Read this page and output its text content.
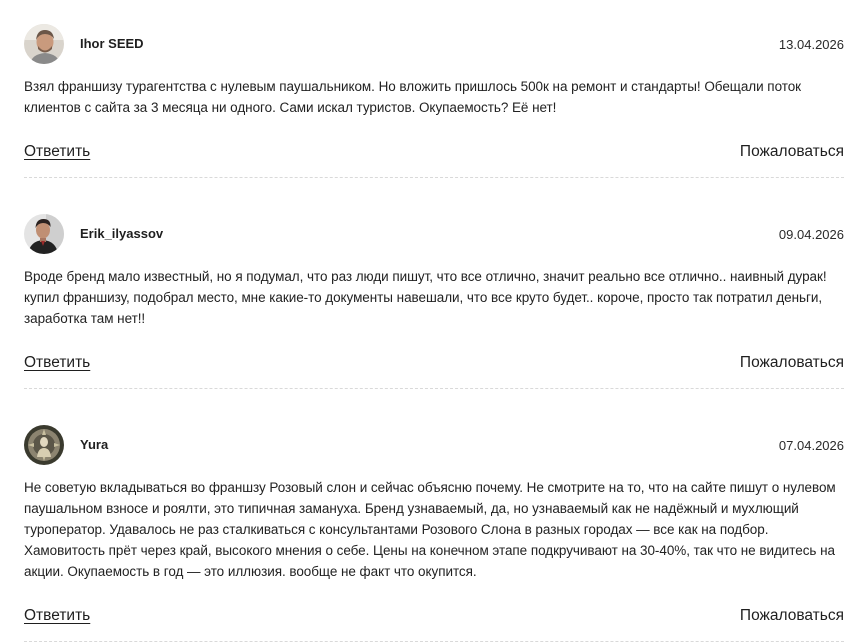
Ihor SEED	13.04.2026
Взял франшизу турагентства с нулевым паушальником. Но вложить пришлось 500к на ремонт и стандарты! Обещали поток клиентов с сайта за 3 месяца ни одного. Сами искал туристов. Окупаемость? Её нет!
Ответить	Пожаловаться
Erik_ilyassov	09.04.2026
Вроде бренд мало известный, но я подумал, что раз люди пишут, что все отлично, значит реально все отлично.. наивный дурак! купил франшизу, подобрал место, мне какие-то документы навешали, что все круто будет.. короче, просто так потратил деньги, заработка там нет!!
Ответить	Пожаловаться
Yura	07.04.2026
Не советую вкладываться во франшзу Розовый слон и сейчас объясню почему. Не смотрите на то, что на сайте пишут о нулевом паушальном взносе и роялти, это типичная замануха. Бренд узнаваемый, да, но узнаваемый как не надёжный и мухлющий туроператор. Удавалось не раз сталкиваться с консультантами Розового Слона в разных городах — все как на подбор. Хамовитость прёт через край, высокого мнения о себе. Цены на конечном этапе подкручивают на 30-40%, так что не видитесь на акции. Окупаемость в год — это иллюзия. вообще не факт что окупится.
Ответить	Пожаловаться
